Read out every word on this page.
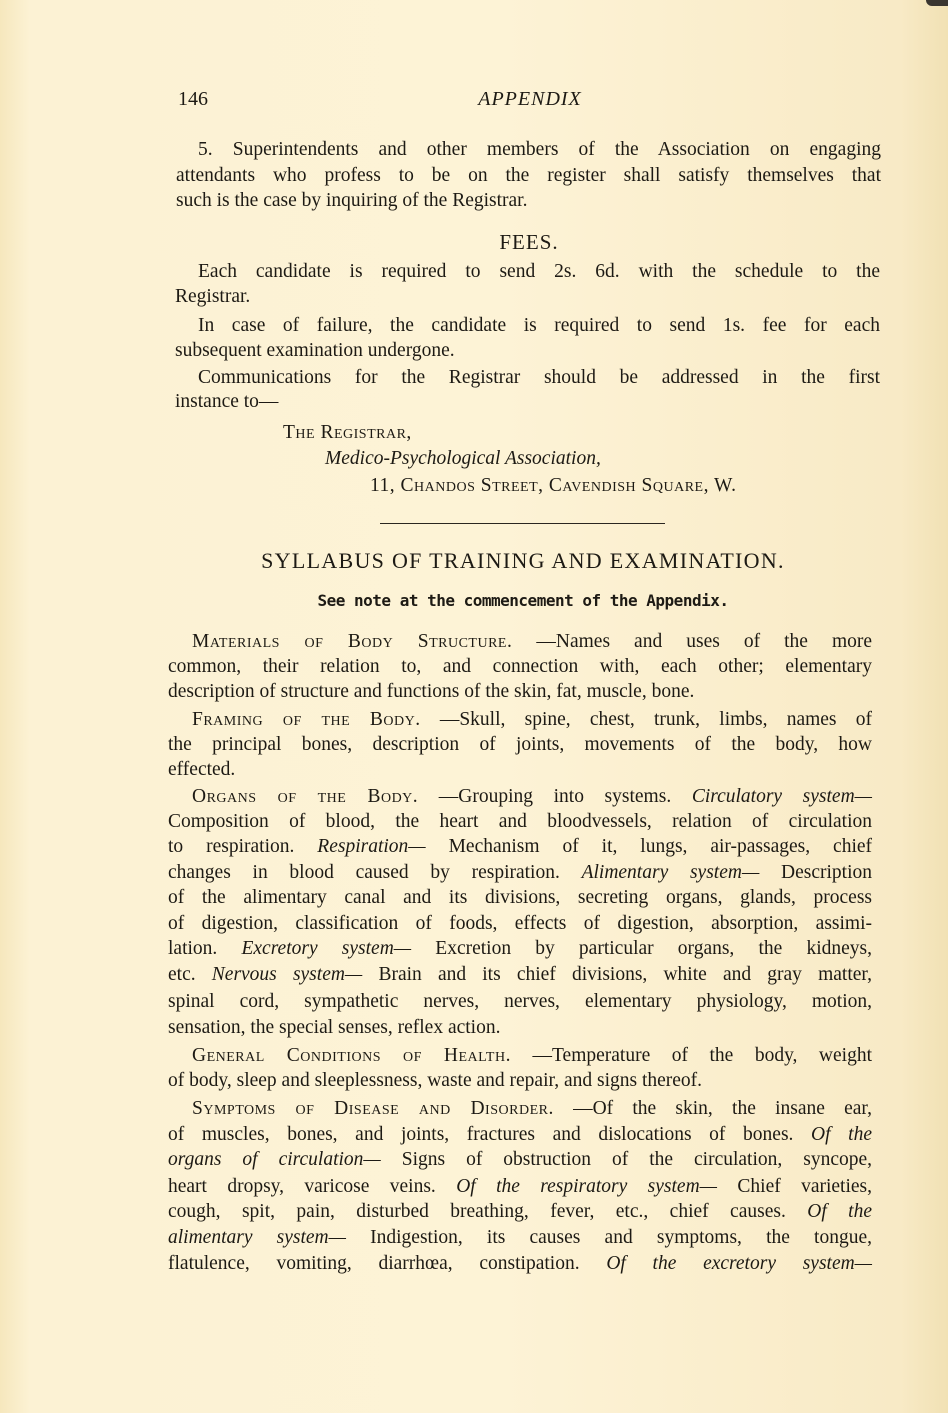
146	APPENDIX
5. Superintendents and other members of the Association on engaging
attendants who profess to be on the register shall satisfy themselves that
such is the case by inquiring of the Registrar.
FEES.
Each candidate is required to send 2s. 6d. with the schedule to the
Registrar.
In case of failure, the candidate is required to send 1s. fee for each
subsequent examination undergone.
Communications for the Registrar should be addressed in the first
instance to—
The Registrar,
Medico-Psychological Association,
11, Chandos Street, Cavendish Square, W.
SYLLABUS OF TRAINING AND EXAMINATION.
See note at the commencement of the Appendix.
Materials of Body Structure. —Names and uses of the more
common, their relation to, and connection with, each other; elementary
description of structure and functions of the skin, fat, muscle, bone.
Framing of the Body. —Skull, spine, chest, trunk, limbs, names of
the principal bones, description of joints, movements of the body, how
effected.
Organs of the Body. —Grouping into systems. Circulatory system—
Composition of blood, the heart and bloodvessels, relation of circulation
to respiration. Respiration— Mechanism of it, lungs, air-passages, chief
changes in blood caused by respiration. Alimentary system— Description
of the alimentary canal and its divisions, secreting organs, glands, process
of digestion, classification of foods, effects of digestion, absorption, assimi-
lation. Excretory system— Excretion by particular organs, the kidneys,
etc. Nervous system— Brain and its chief divisions, white and gray matter,
spinal cord, sympathetic nerves, nerves, elementary physiology, motion,
sensation, the special senses, reflex action.
General Conditions of Health. —Temperature of the body, weight
of body, sleep and sleeplessness, waste and repair, and signs thereof.
Symptoms of Disease and Disorder. —Of the skin, the insane ear,
of muscles, bones, and joints, fractures and dislocations of bones. Of the
organs of circulation— Signs of obstruction of the circulation, syncope,
heart dropsy, varicose veins. Of the respiratory system— Chief varieties,
cough, spit, pain, disturbed breathing, fever, etc., chief causes. Of the
alimentary system— Indigestion, its causes and symptoms, the tongue,
flatulence, vomiting, diarrhœa, constipation. Of the excretory system—
